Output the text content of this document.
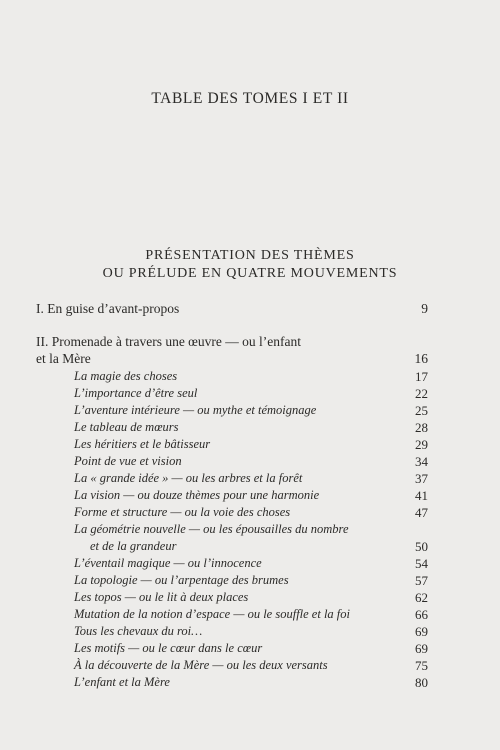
TABLE DES TOMES I ET II
PRÉSENTATION DES THÈMES
OU PRÉLUDE EN QUATRE MOUVEMENTS
I. En guise d’avant-propos	9
II. Promenade à travers une œuvre — ou l’enfant
et la Mère	16
La magie des choses	17
L’importance d’être seul	22
L’aventure intérieure — ou mythe et témoignage	25
Le tableau de mœurs	28
Les héritiers et le bâtisseur	29
Point de vue et vision	34
La « grande idée » — ou les arbres et la forêt	37
La vision — ou douze thèmes pour une harmonie	41
Forme et structure — ou la voie des choses	47
La géométrie nouvelle — ou les épousailles du nombre
et de la grandeur	50
L’éventail magique — ou l’innocence	54
La topologie — ou l’arpentage des brumes	57
Les topos — ou le lit à deux places	62
Mutation de la notion d’espace — ou le souffle et la foi	66
Tous les chevaux du roi…	69
Les motifs — ou le cœur dans le cœur	69
À la découverte de la Mère — ou les deux versants	75
L’enfant et la Mère	80
